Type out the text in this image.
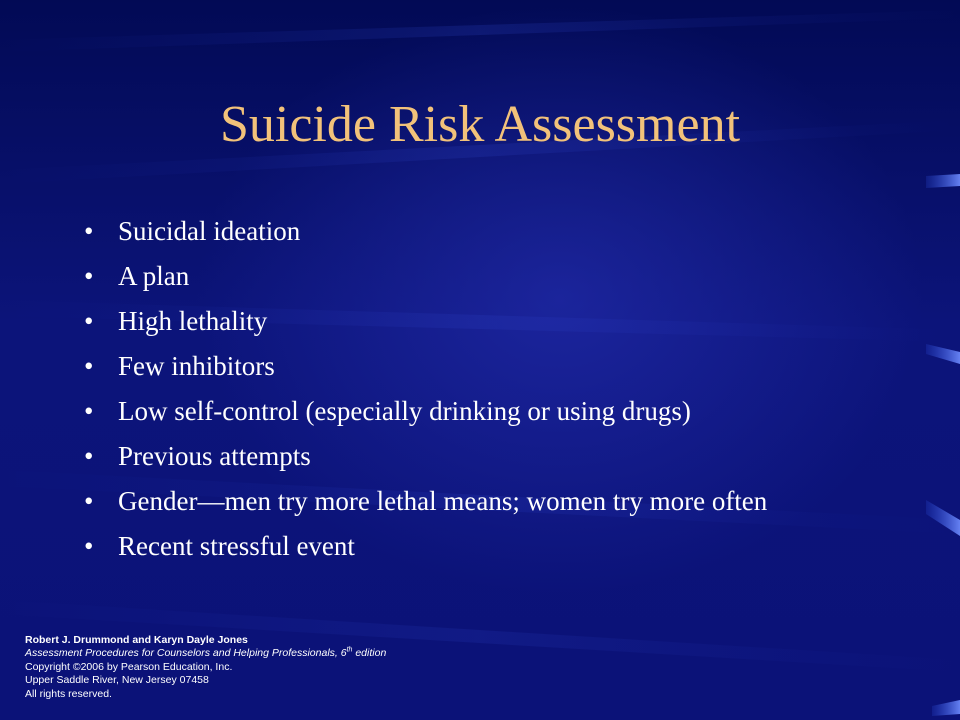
Suicide Risk Assessment
• Suicidal ideation
• A plan
• High lethality
• Few inhibitors
• Low self-control (especially drinking or using drugs)
• Previous attempts
• Gender—men try more lethal means; women try more often
• Recent stressful event
Robert J. Drummond and Karyn Dayle Jones
Assessment Procedures for Counselors and Helping Professionals, 6th edition
Copyright ©2006 by Pearson Education, Inc.
Upper Saddle River, New Jersey 07458
All rights reserved.
